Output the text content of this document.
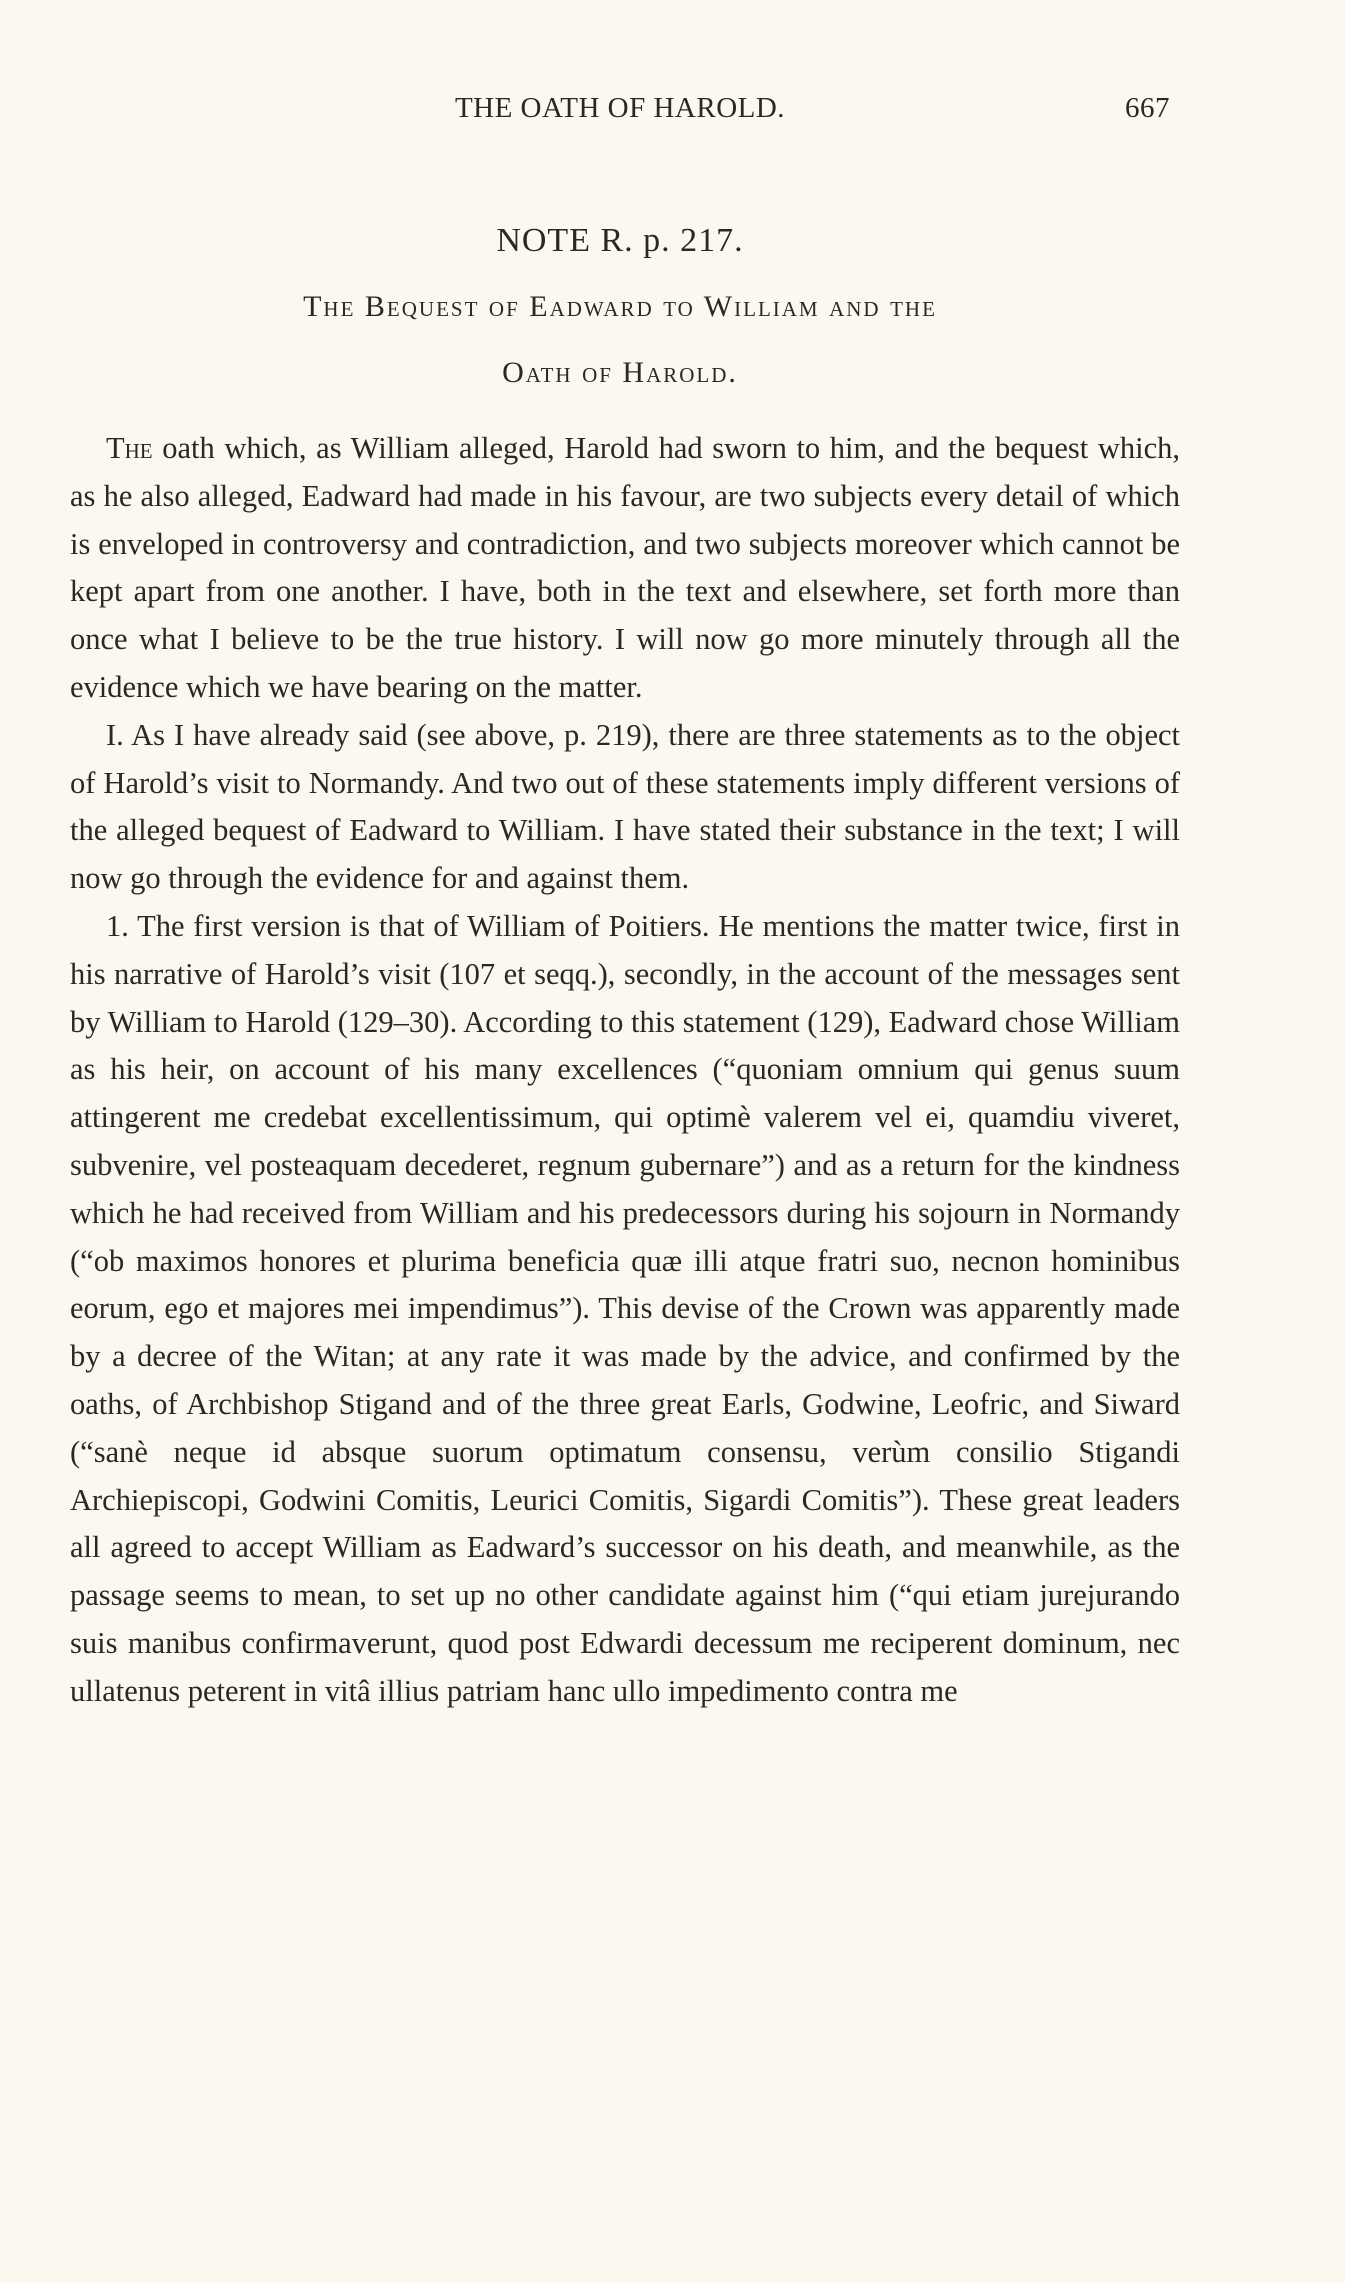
THE OATH OF HAROLD.	667
NOTE R. p. 217.
The Bequest of Eadward to William and the
Oath of Harold.

The oath which, as William alleged, Harold had sworn to him, and the bequest which, as he also alleged, Eadward had made in his favour, are two subjects every detail of which is enveloped in controversy and contradiction, and two subjects moreover which cannot be kept apart from one another. I have, both in the text and elsewhere, set forth more than once what I believe to be the true history. I will now go more minutely through all the evidence which we have bearing on the matter.

I. As I have already said (see above, p. 219), there are three statements as to the object of Harold’s visit to Normandy. And two out of these statements imply different versions of the alleged bequest of Eadward to William. I have stated their substance in the text; I will now go through the evidence for and against them.

1. The first version is that of William of Poitiers. He mentions the matter twice, first in his narrative of Harold’s visit (107 et seqq.), secondly, in the account of the messages sent by William to Harold (129–30). According to this statement (129), Eadward chose William as his heir, on account of his many excellences (“quoniam omnium qui genus suum attingerent me credebat excellentissimum, qui optimè valerem vel ei, quamdiu viveret, subvenire, vel posteaquam decederet, regnum gubernare”) and as a return for the kindness which he had received from William and his predecessors during his sojourn in Normandy (“ob maximos honores et plurima beneficia quæ illi atque fratri suo, necnon hominibus eorum, ego et majores mei impendimus”). This devise of the Crown was apparently made by a decree of the Witan; at any rate it was made by the advice, and confirmed by the oaths, of Archbishop Stigand and of the three great Earls, Godwine, Leofric, and Siward (“sanè neque id absque suorum optimatum consensu, verùm consilio Stigandi Archiepiscopi, Godwini Comitis, Leurici Comitis, Sigardi Comitis”). These great leaders all agreed to accept William as Eadward’s successor on his death, and meanwhile, as the passage seems to mean, to set up no other candidate against him (“qui etiam jurejurando suis manibus confirmaverunt, quod post Edwardi decessum me reciperent dominum, nec ullatenus peterent in vitâ illius patriam hanc ullo impedimento contra me
